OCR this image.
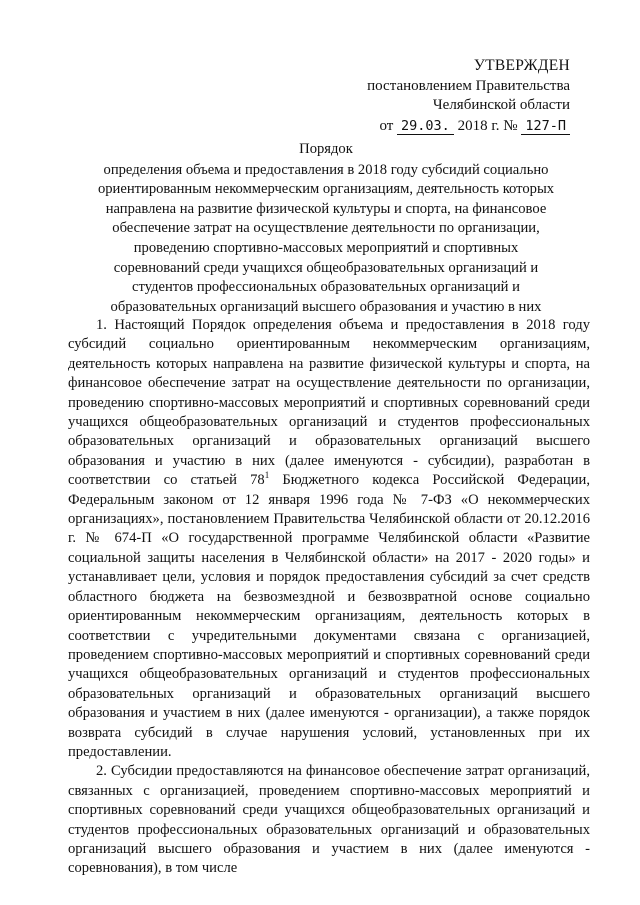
УТВЕРЖДЕН
постановлением Правительства
Челябинской области
от 29.03. 2018 г. № 127-П
Порядок
определения объема и предоставления в 2018 году субсидий социально ориентированным некоммерческим организациям, деятельность которых направлена на развитие физической культуры и спорта, на финансовое обеспечение затрат на осуществление деятельности по организации, проведению спортивно-массовых мероприятий и спортивных соревнований среди учащихся общеобразовательных организаций и студентов профессиональных образовательных организаций и образовательных организаций высшего образования и участию в них

1. Настоящий Порядок определения объема и предоставления в 2018 году субсидий социально ориентированным некоммерческим организациям, деятельность которых направлена на развитие физической культуры и спорта, на финансовое обеспечение затрат на осуществление деятельности по организации, проведению спортивно-массовых мероприятий и спортивных соревнований среди учащихся общеобразовательных организаций и студентов профессиональных образовательных организаций и образовательных организаций высшего образования и участию в них (далее именуются - субсидии), разработан в соответствии со статьей $78^1$ Бюджетного кодекса Российской Федерации, Федеральным законом от 12 января 1996 года № 7-ФЗ «О некоммерческих организациях», постановлением Правительства Челябинской области от 20.12.2016 г. № 674-П «О государственной программе Челябинской области «Развитие социальной защиты населения в Челябинской области» на 2017 - 2020 годы» и устанавливает цели, условия и порядок предоставления субсидий за счет средств областного бюджета на безвозмездной и безвозвратной основе социально ориентированным некоммерческим организациям, деятельность которых в соответствии с учредительными документами связана с организацией, проведением спортивно-массовых мероприятий и спортивных соревнований среди учащихся общеобразовательных организаций и студентов профессиональных образовательных организаций и образовательных организаций высшего образования и участием в них (далее именуются - организации), а также порядок возврата субсидий в случае нарушения условий, установленных при их предоставлении.

2. Субсидии предоставляются на финансовое обеспечение затрат организаций, связанных с организацией, проведением спортивно-массовых мероприятий и спортивных соревнований среди учащихся общеобразовательных организаций и студентов профессиональных образовательных организаций и образовательных организаций высшего образования и участием в них (далее именуются - соревнования), в том числе
